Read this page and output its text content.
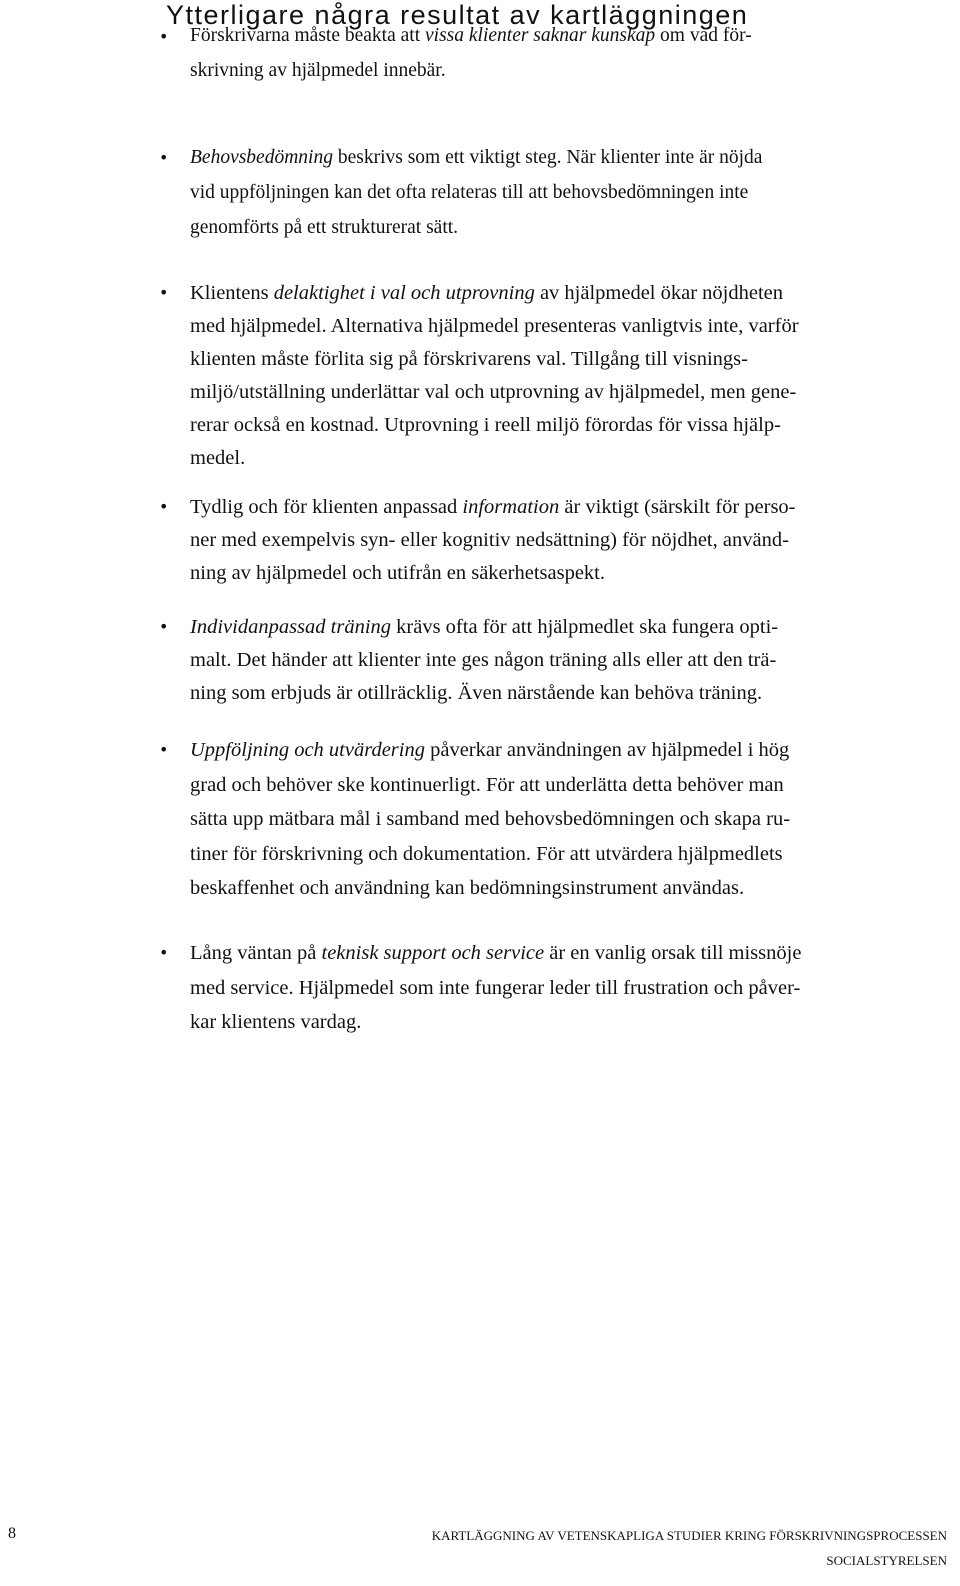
Ytterligare några resultat av kartläggningen
• Förskrivarna måste beakta att vissa klienter saknar kunskap om vad för-
skrivning av hjälpmedel innebär.

• Behovsbedömning beskrivs som ett viktigt steg. När klienter inte är nöjda
vid uppföljningen kan det ofta relateras till att behovsbedömningen inte
genomförts på ett strukturerat sätt.

• Klientens delaktighet i val och utprovning av hjälpmedel ökar nöjdheten
med hjälpmedel. Alternativa hjälpmedel presenteras vanligtvis inte, varför
klienten måste förlita sig på förskrivarens val. Tillgång till visnings-
miljö/utställning underlättar val och utprovning av hjälpmedel, men gene-
rerar också en kostnad. Utprovning i reell miljö förordas för vissa hjälp-
medel.

• Tydlig och för klienten anpassad information är viktigt (särskilt för perso-
ner med exempelvis syn- eller kognitiv nedsättning) för nöjdhet, använd-
ning av hjälpmedel och utifrån en säkerhetsaspekt.

• Individanpassad träning krävs ofta för att hjälpmedlet ska fungera opti-
malt. Det händer att klienter inte ges någon träning alls eller att den trä-
ning som erbjuds är otillräcklig. Även närstående kan behöva träning.

• Uppföljning och utvärdering påverkar användningen av hjälpmedel i hög
grad och behöver ske kontinuerligt. För att underlätta detta behöver man
sätta upp mätbara mål i samband med behovsbedömningen och skapa ru-
tiner för förskrivning och dokumentation. För att utvärdera hjälpmedlets
beskaffenhet och användning kan bedömningsinstrument användas.

• Lång väntan på teknisk support och service är en vanlig orsak till missnöje
med service. Hjälpmedel som inte fungerar leder till frustration och påver-
kar klientens vardag.

8	KARTLÄGGNING AV VETENSKAPLIGA STUDIER KRING FÖRSKRIVNINGSPROCESSEN
SOCIALSTYRELSEN
